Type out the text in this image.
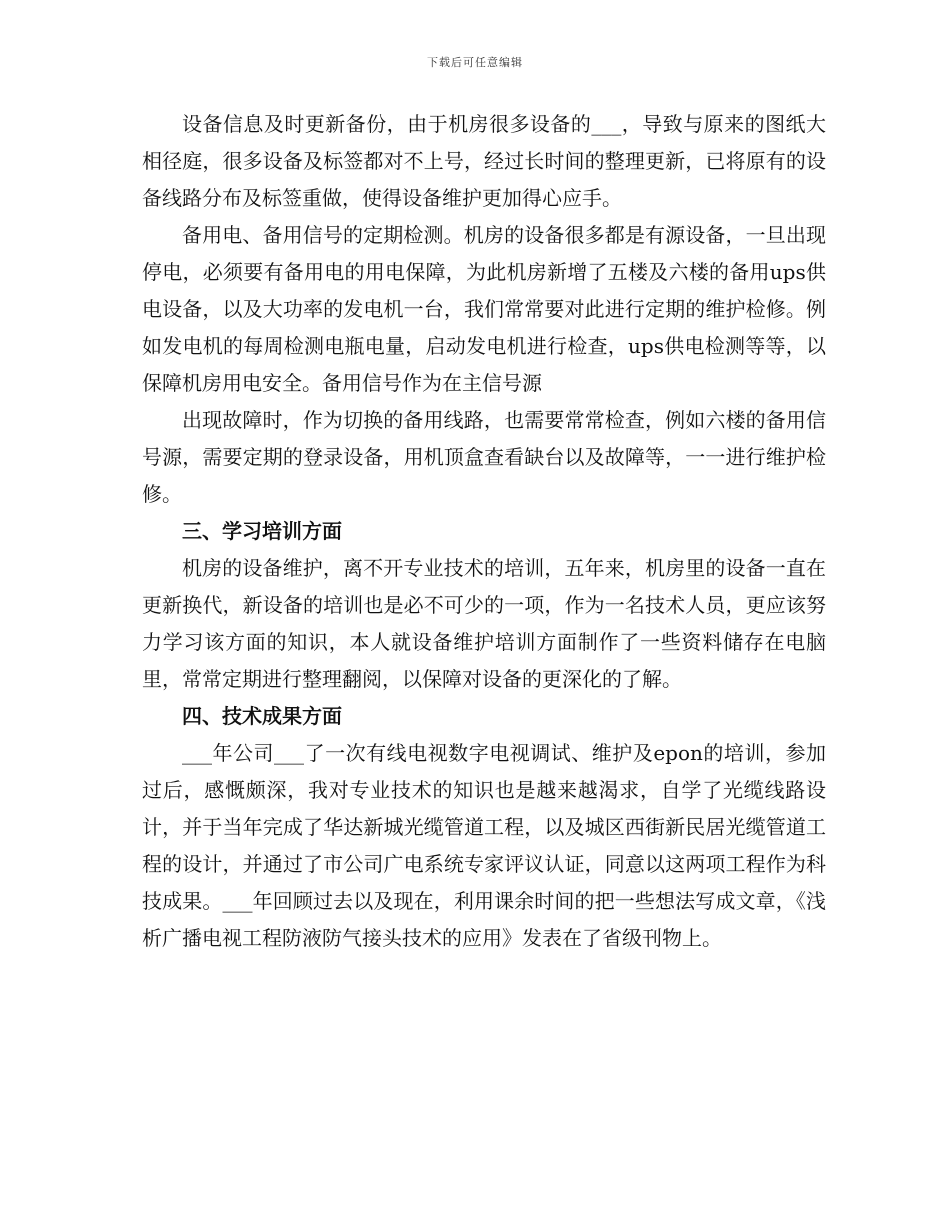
下载后可任意编辑

设备信息及时更新备份，由于机房很多设备的___，导致与原来的图纸大相径庭，很多设备及标签都对不上号，经过长时间的整理更新，已将原有的设备线路分布及标签重做，使得设备维护更加得心应手。

备用电、备用信号的定期检测。机房的设备很多都是有源设备，一旦出现停电，必须要有备用电的用电保障，为此机房新增了五楼及六楼的备用ups供电设备，以及大功率的发电机一台，我们常常要对此进行定期的维护检修。例如发电机的每周检测电瓶电量，启动发电机进行检查，ups供电检测等等，以保障机房用电安全。备用信号作为在主信号源

出现故障时，作为切换的备用线路，也需要常常检查，例如六楼的备用信号源，需要定期的登录设备，用机顶盒查看缺台以及故障等，一一进行维护检修。

三、学习培训方面

机房的设备维护，离不开专业技术的培训，五年来，机房里的设备一直在更新换代，新设备的培训也是必不可少的一项，作为一名技术人员，更应该努力学习该方面的知识，本人就设备维护培训方面制作了一些资料储存在电脑里，常常定期进行整理翻阅，以保障对设备的更深化的了解。

四、技术成果方面

___年公司___了一次有线电视数字电视调试、维护及epon的培训，参加过后，感慨颇深，我对专业技术的知识也是越来越渴求，自学了光缆线路设计，并于当年完成了华达新城光缆管道工程，以及城区西街新民居光缆管道工程的设计，并通过了市公司广电系统专家评议认证，同意以这两项工程作为科技成果。___年回顾过去以及现在，利用课余时间的把一些想法写成文章，《浅析广播电视工程防液防气接头技术的应用》发表在了省级刊物上。
